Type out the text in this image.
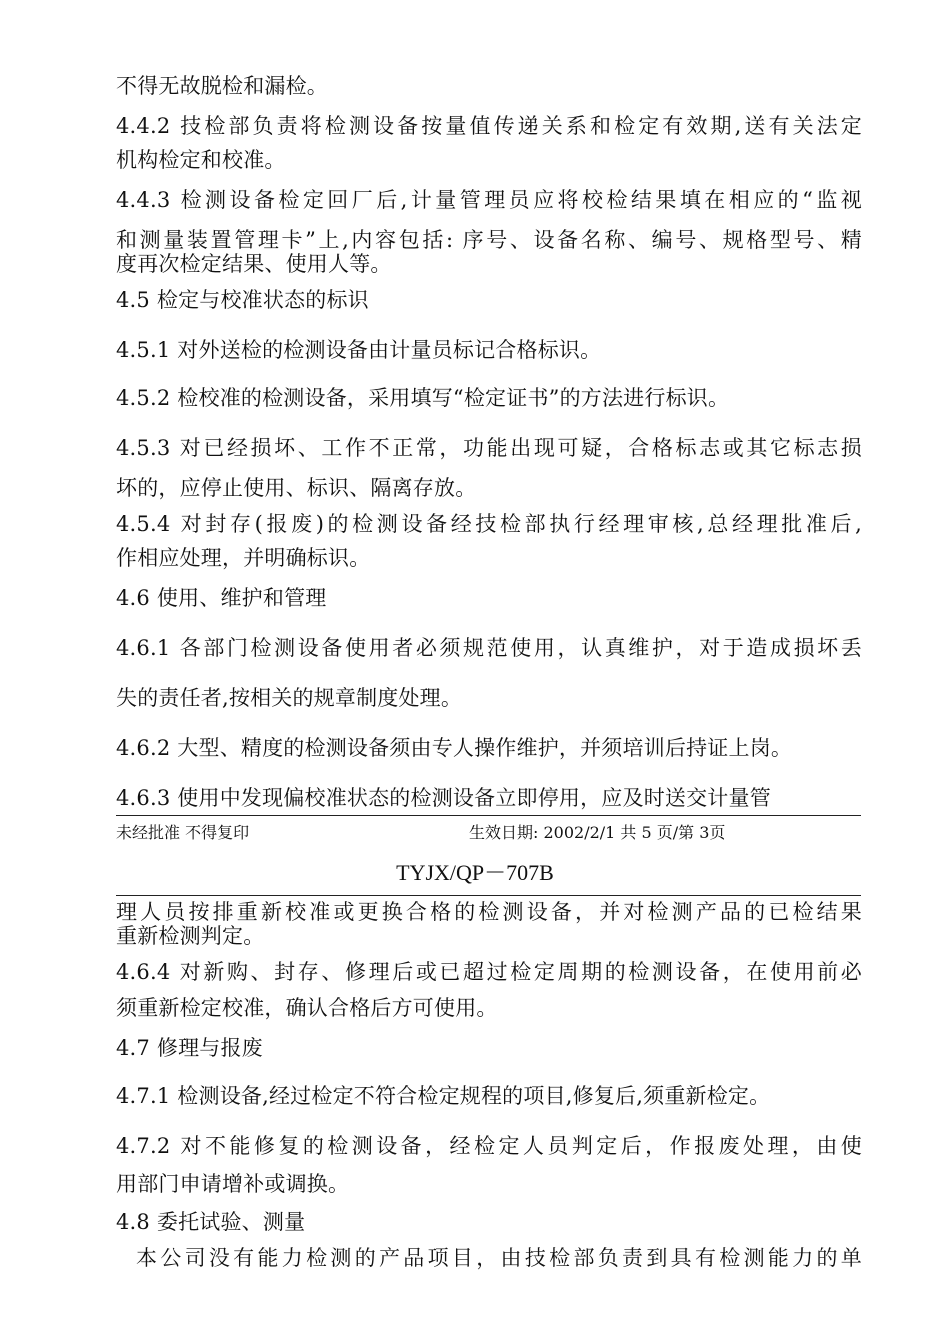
不得无故脱检和漏检。
4.4.2 技检部负责将检测设备按量值传递关系和检定有效期,送有关法定
机构检定和校准。
4.4.3 检测设备检定回厂后,计量管理员应将校检结果填在相应的“监视
和测量装置管理卡”上,内容包括: 序号、设备名称、编号、规格型号、精
度再次检定结果、使用人等。
4.5 检定与校准状态的标识
4.5.1 对外送检的检测设备由计量员标记合格标识。
4.5.2 检校准的检测设备，采用填写“检定证书”的方法进行标识。
4.5.3 对已经损坏、工作不正常，功能出现可疑，合格标志或其它标志损
坏的，应停止使用、标识、隔离存放。
4.5.4 对封存(报废)的检测设备经技检部执行经理审核,总经理批准后,
作相应处理，并明确标识。
4.6 使用、维护和管理
4.6.1 各部门检测设备使用者必须规范使用，认真维护，对于造成损坏丢
失的责任者,按相关的规章制度处理。
4.6.2 大型、精度的检测设备须由专人操作维护，并须培训后持证上岗。
4.6.3 使用中发现偏校准状态的检测设备立即停用，应及时送交计量管
未经批准 不得复印	生效日期: 2002/2/1 共 5 页/第 3页
TYJX/QP－707B
理人员按排重新校准或更换合格的检测设备，并对检测产品的已检结果
重新检测判定。
4.6.4 对新购、封存、修理后或已超过检定周期的检测设备，在使用前必
须重新检定校准，确认合格后方可使用。
4.7 修理与报废
4.7.1 检测设备,经过检定不符合检定规程的项目,修复后,须重新检定。
4.7.2 对不能修复的检测设备，经检定人员判定后，作报废处理，由使
用部门申请增补或调换。
4.8 委托试验、测量
本公司没有能力检测的产品项目，由技检部负责到具有检测能力的单
